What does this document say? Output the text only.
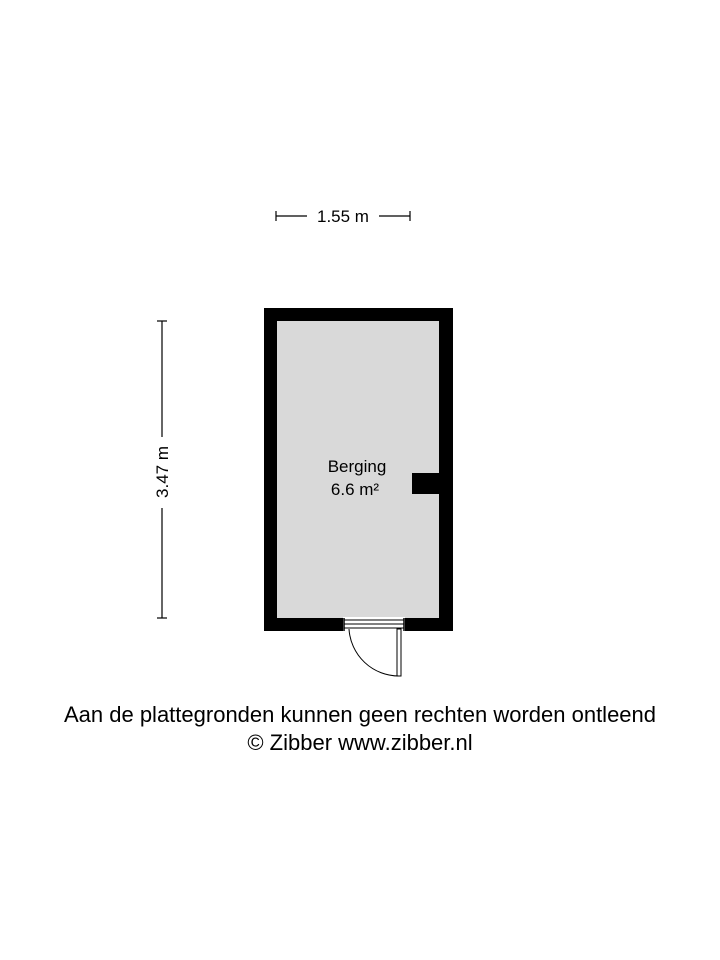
1.55 m
3.47 m	Berging
6.6 m²
Aan de plattegronden kunnen geen rechten worden ontleend
© Zibber www.zibber.nl
